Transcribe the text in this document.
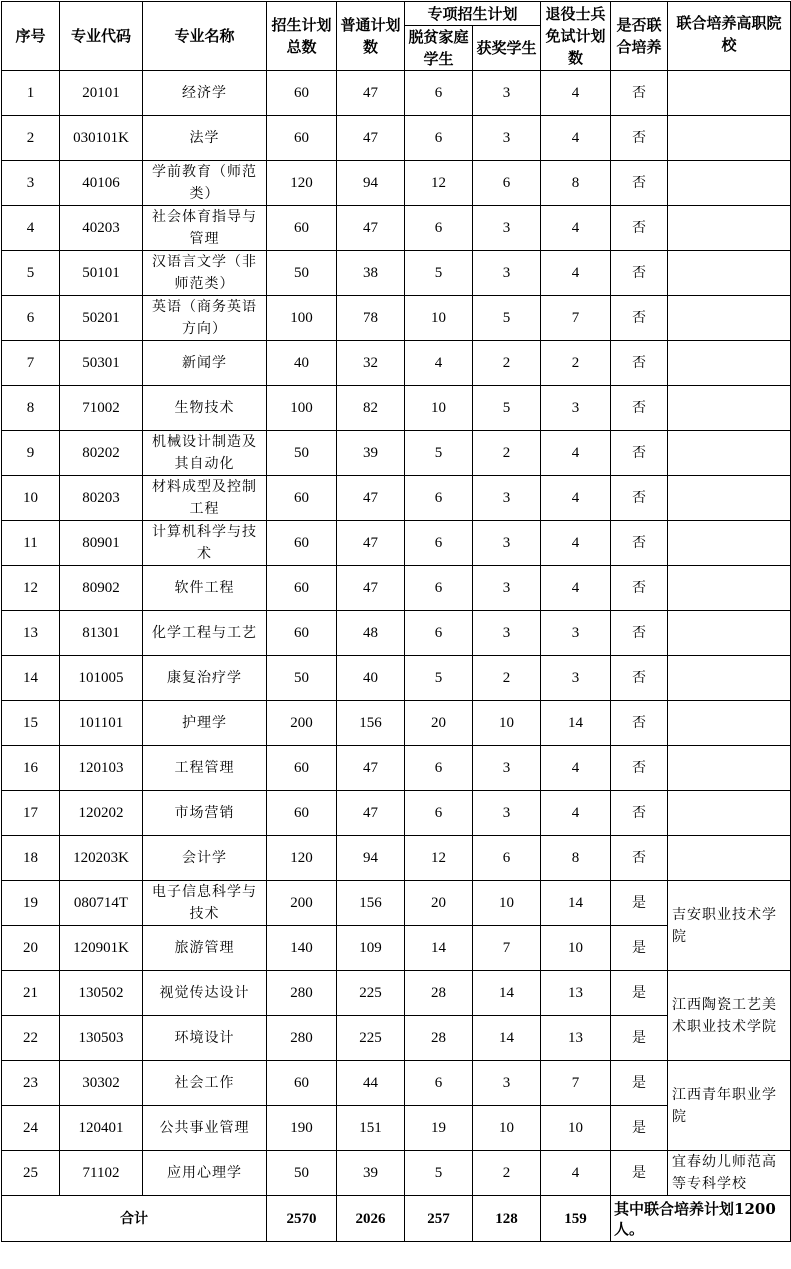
序号	专业代码	专业名称	招生计划总数	普通计划数	专项招生计划		退役士兵免试计划数	是否联合培养	联合培养高职院校
					脱贫家庭学生	获奖学生			
1	20101	经济学	60	47	6	3	4	否	
2	030101K	法学	60	47	6	3	4	否	
3	40106	学前教育（师范类）	120	94	12	6	8	否	
4	40203	社会体育指导与管理	60	47	6	3	4	否	
5	50101	汉语言文学（非师范类）	50	38	5	3	4	否	
6	50201	英语（商务英语方向）	100	78	10	5	7	否	
7	50301	新闻学	40	32	4	2	2	否	
8	71002	生物技术	100	82	10	5	3	否	
9	80202	机械设计制造及其自动化	50	39	5	2	4	否	
10	80203	材料成型及控制工程	60	47	6	3	4	否	
11	80901	计算机科学与技术	60	47	6	3	4	否	
12	80902	软件工程	60	47	6	3	4	否	
13	81301	化学工程与工艺	60	48	6	3	3	否	
14	101005	康复治疗学	50	40	5	2	3	否	
15	101101	护理学	200	156	20	10	14	否	
16	120103	工程管理	60	47	6	3	4	否	
17	120202	市场营销	60	47	6	3	4	否	
18	120203K	会计学	120	94	12	6	8	否	
19	080714T	电子信息科学与技术	200	156	20	10	14	是	吉安职业技术学院
20	120901K	旅游管理	140	109	14	7	10	是	
21	130502	视觉传达设计	280	225	28	14	13	是	江西陶瓷工艺美术职业技术学院
22	130503	环境设计	280	225	28	14	13	是	
23	30302	社会工作	60	44	6	3	7	是	江西青年职业学院
24	120401	公共事业管理	190	151	19	10	10	是	
25	71102	应用心理学	50	39	5	2	4	是	宜春幼儿师范高等专科学校
合计			2570	2026	257	128	159	其中联合培养计划1200人。	
